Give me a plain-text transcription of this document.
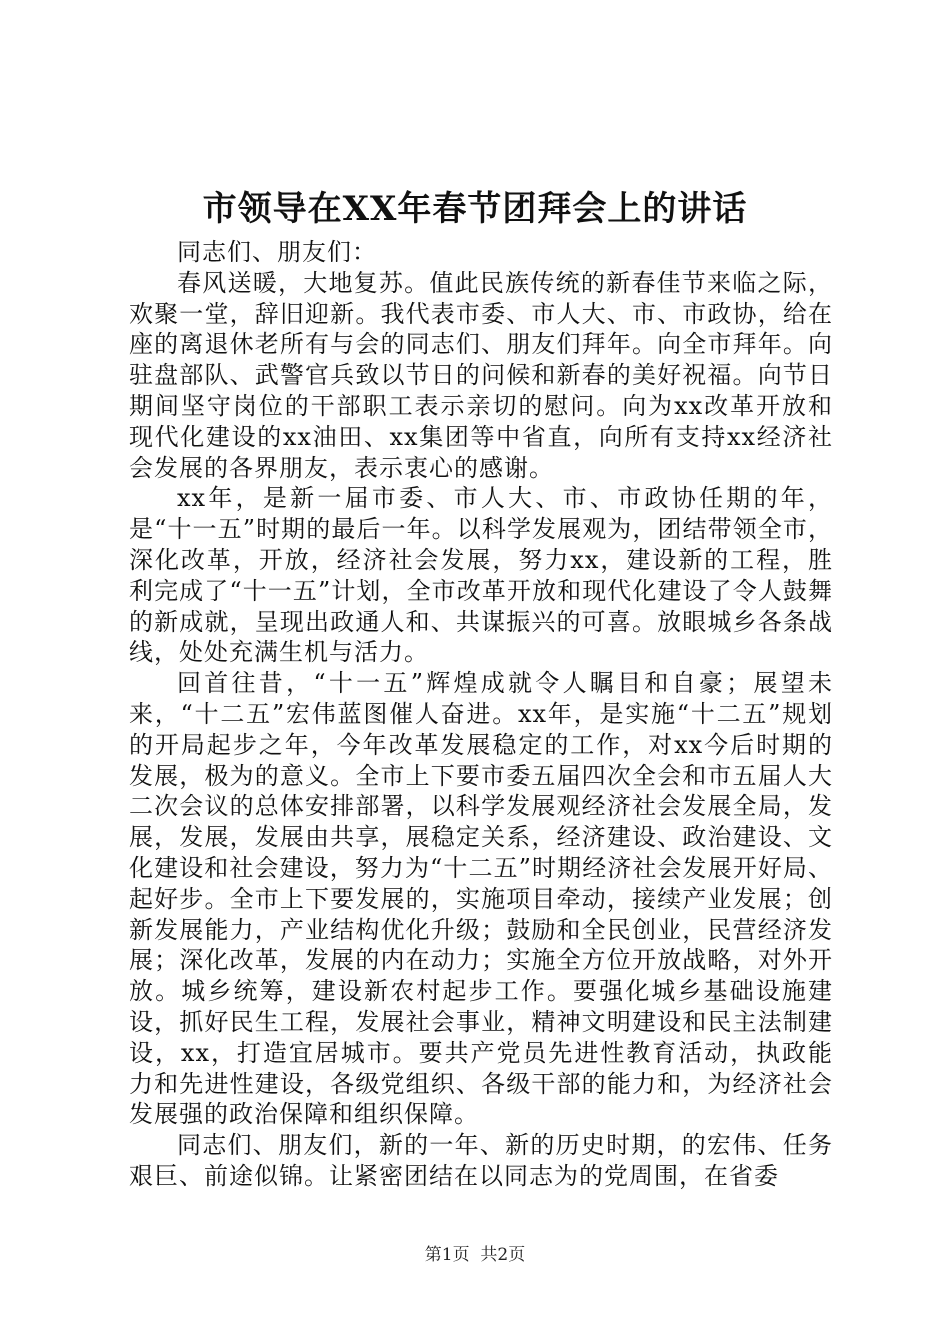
市领导在XX年春节团拜会上的讲话

同志们、朋友们：

春风送暖，大地复苏。值此民族传统的新春佳节来临之际，欢聚一堂，辞旧迎新。我代表市委、市人大、市、市政协，给在座的离退休老所有与会的同志们、朋友们拜年。向全市拜年。向驻盘部队、武警官兵致以节日的问候和新春的美好祝福。向节日期间坚守岗位的干部职工表示亲切的慰问。向为xx改革开放和现代化建设的xx油田、xx集团等中省直，向所有支持xx经济社会发展的各界朋友，表示衷心的感谢。

xx年，是新一届市委、市人大、市、市政协任期的年，是“十一五”时期的最后一年。以科学发展观为，团结带领全市，深化改革，开放，经济社会发展，努力xx，建设新的工程，胜利完成了“十一五”计划，全市改革开放和现代化建设了令人鼓舞的新成就，呈现出政通人和、共谋振兴的可喜。放眼城乡各条战线，处处充满生机与活力。

回首往昔，“十一五”辉煌成就令人瞩目和自豪；展望未来，“十二五”宏伟蓝图催人奋进。xx年，是实施“十二五”规划的开局起步之年，今年改革发展稳定的工作，对xx今后时期的发展，极为的意义。全市上下要市委五届四次全会和市五届人大二次会议的总体安排部署，以科学发展观经济社会发展全局，发展，发展，发展由共享，展稳定关系，经济建设、政治建设、文化建设和社会建设，努力为“十二五”时期经济社会发展开好局、起好步。全市上下要发展的，实施项目牵动，接续产业发展；创新发展能力，产业结构优化升级；鼓励和全民创业，民营经济发展；深化改革，发展的内在动力；实施全方位开放战略，对外开放。城乡统筹，建设新农村起步工作。要强化城乡基础设施建设，抓好民生工程，发展社会事业，精神文明建设和民主法制建设，xx，打造宜居城市。要共产党员先进性教育活动，执政能力和先进性建设，各级党组织、各级干部的能力和，为经济社会发展强的政治保障和组织保障。

同志们、朋友们，新的一年、新的历史时期，的宏伟、任务艰巨、前途似锦。让紧密团结在以同志为的党周围，在省委

第1页 共2页
